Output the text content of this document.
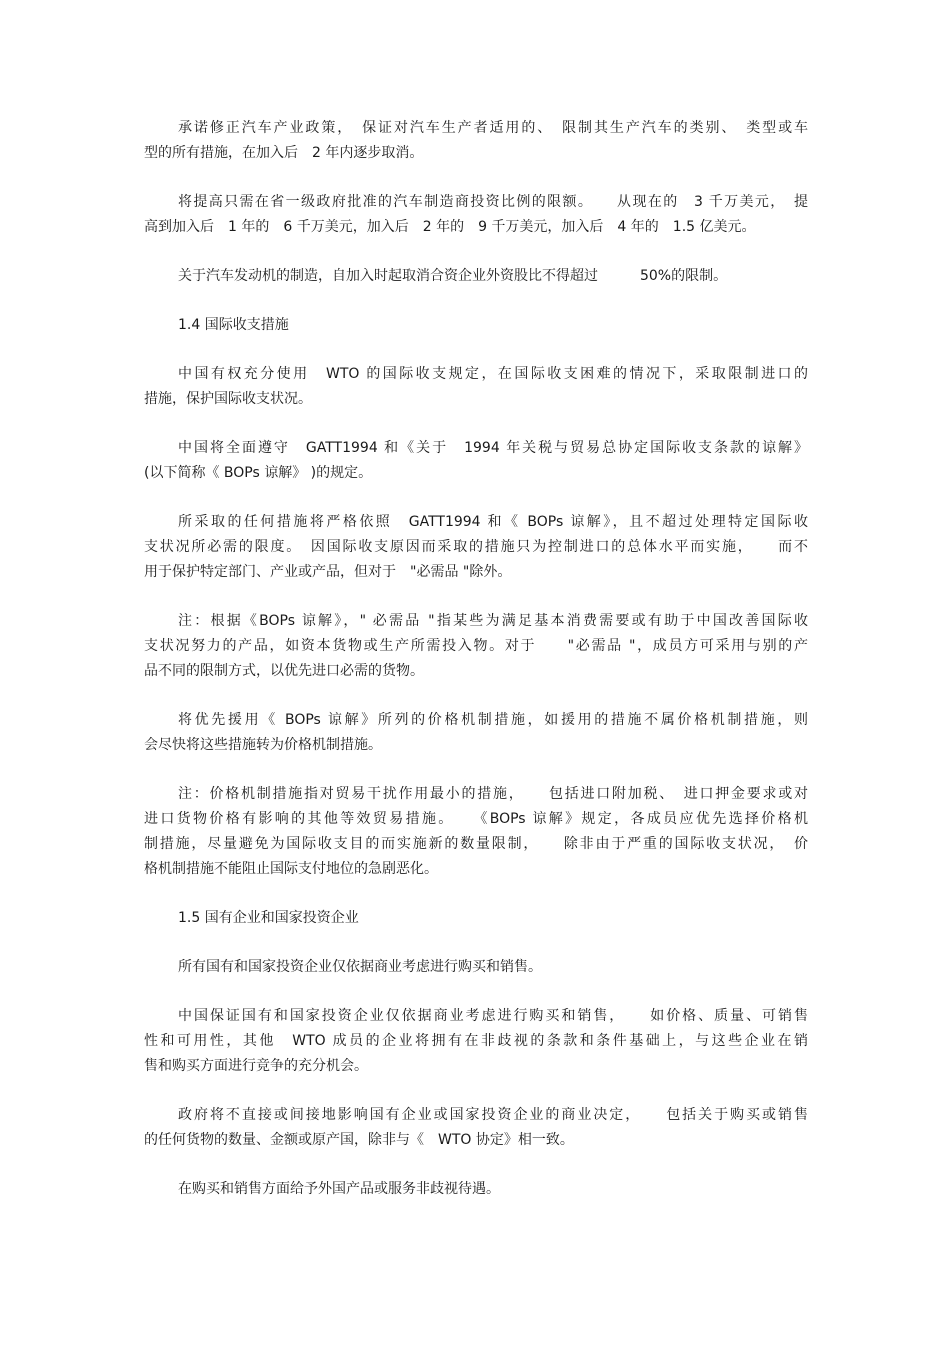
承诺修正汽车产业政策，　保证对汽车生产者适用的、　限制其生产汽车的类别、　类型或车
型的所有措施，在加入后　2 年内逐步取消。
将提高只需在省一级政府批准的汽车制造商投资比例的限额。　　从现在的　3 千万美元，　提
高到加入后　1 年的　6 千万美元，加入后　2 年的　9 千万美元，加入后　4 年的　1.5 亿美元。
关于汽车发动机的制造，自加入时起取消合资企业外资股比不得超过　　　50%的限制。
1.4 国际收支措施
中国有权充分使用　WTO 的国际收支规定，在国际收支困难的情况下，采取限制进口的
措施，保护国际收支状况。
中国将全面遵守　GATT1994 和《关于　1994 年关税与贸易总协定国际收支条款的谅解》
(以下简称《 BOPs 谅解》 )的规定。
所采取的任何措施将严格依照　GATT1994 和《 BOPs 谅解》，且不超过处理特定国际收
支状况所必需的限度。　因国际收支原因而采取的措施只为控制进口的总体水平而实施，　　而不
用于保护特定部门、产业或产品，但对于　"必需品 "除外。
注：根据《BOPs 谅解》，" 必需品 "指某些为满足基本消费需要或有助于中国改善国际收
支状况努力的产品，如资本货物或生产所需投入物。对于　　"必需品 "，成员方可采用与别的产
品不同的限制方式，以优先进口必需的货物。
将优先援用《 BOPs 谅解》所列的价格机制措施，如援用的措施不属价格机制措施，则
会尽快将这些措施转为价格机制措施。
注：价格机制措施指对贸易干扰作用最小的措施，　　包括进口附加税、　进口押金要求或对
进口货物价格有影响的其他等效贸易措施。　　《BOPs 谅解》规定，各成员应优先选择价格机
制措施，尽量避免为国际收支目的而实施新的数量限制，　　除非由于严重的国际收支状况，　价
格机制措施不能阻止国际支付地位的急剧恶化。
1.5 国有企业和国家投资企业
所有国有和国家投资企业仅依据商业考虑进行购买和销售。
中国保证国有和国家投资企业仅依据商业考虑进行购买和销售，　　如价格、质量、可销售
性和可用性，其他　WTO 成员的企业将拥有在非歧视的条款和条件基础上，与这些企业在销
售和购买方面进行竞争的充分机会。
政府将不直接或间接地影响国有企业或国家投资企业的商业决定，　　包括关于购买或销售
的任何货物的数量、金额或原产国，除非与《　WTO 协定》相一致。
在购买和销售方面给予外国产品或服务非歧视待遇。
